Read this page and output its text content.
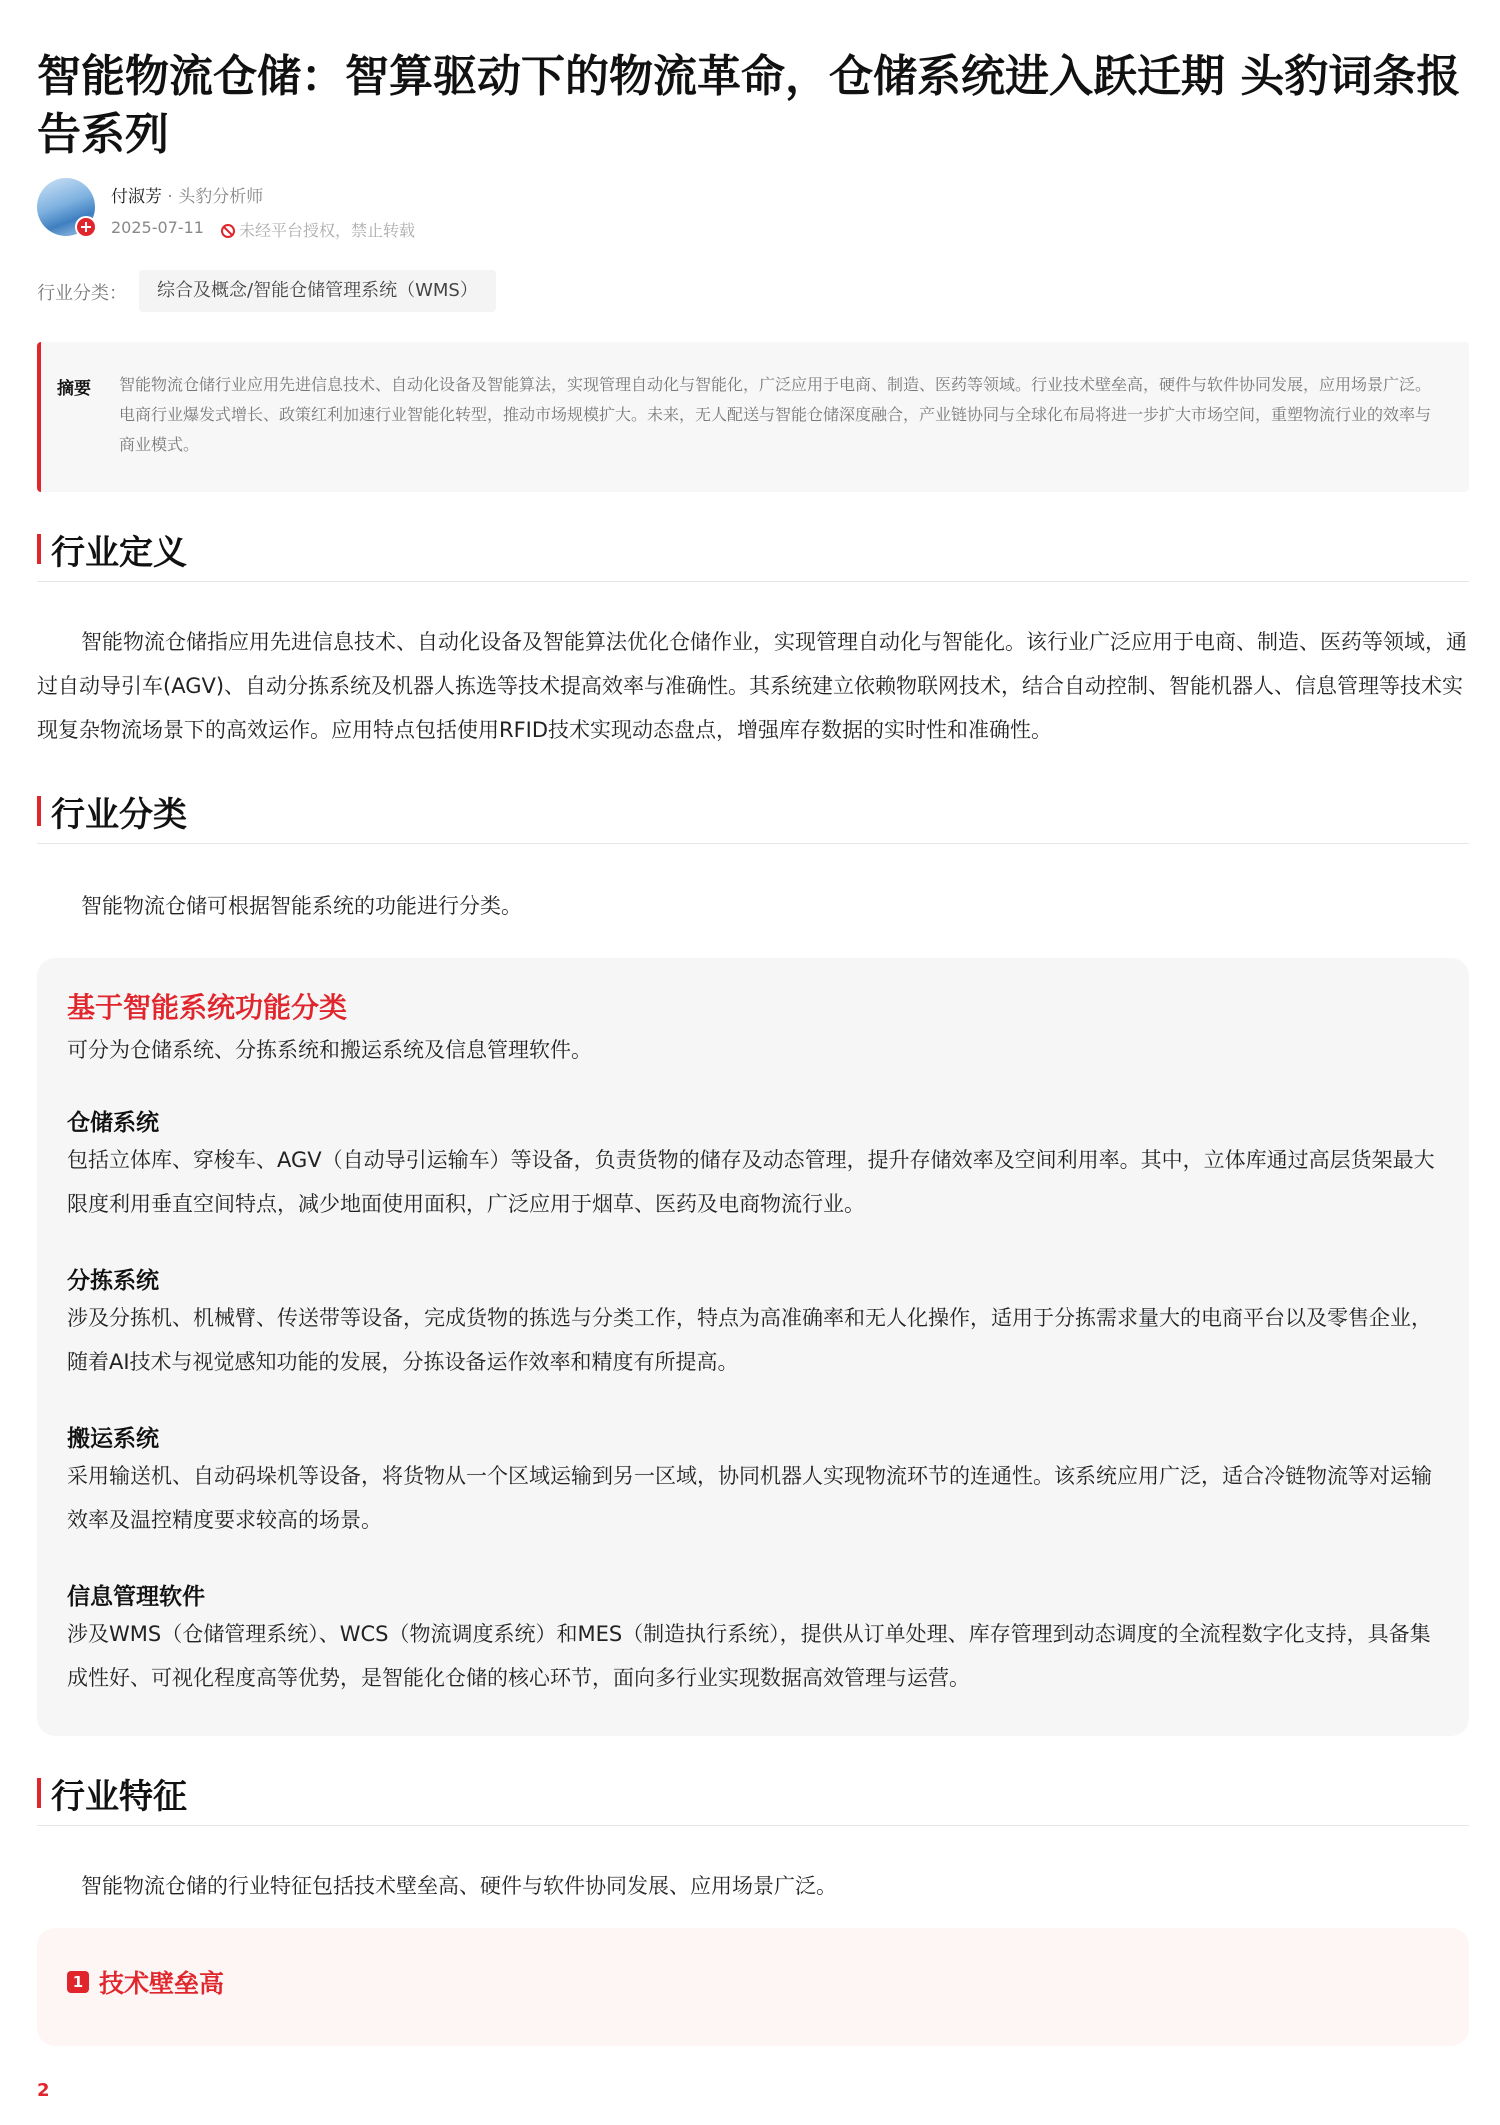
智能物流仓储：智算驱动下的物流革命，仓储系统进入跃迁期 头豹词条报告系列
付淑芳 · 头豹分析师
2025-07-11	未经平台授权，禁止转载
行业分类：	综合及概念/智能仓储管理系统（WMS）
摘要 智能物流仓储行业应用先进信息技术、自动化设备及智能算法，实现管理自动化与智能化，广泛应用于电商、制造、医药等领域。行业技术壁垒高，硬件与软件协同发展，应用场景广泛。电商行业爆发式增长、政策红利加速行业智能化转型，推动市场规模扩大。未来，无人配送与智能仓储深度融合，产业链协同与全球化布局将进一步扩大市场空间，重塑物流行业的效率与商业模式。
行业定义

智能物流仓储指应用先进信息技术、自动化设备及智能算法优化仓储作业，实现管理自动化与智能化。该行业广泛应用于电商、制造、医药等领域，通过自动导引车(AGV)、自动分拣系统及机器人拣选等技术提高效率与准确性。其系统建立依赖物联网技术，结合自动控制、智能机器人、信息管理等技术实现复杂物流场景下的高效运作。应用特点包括使用RFID技术实现动态盘点，增强库存数据的实时性和准确性。

行业分类

智能物流仓储可根据智能系统的功能进行分类。

基于智能系统功能分类
可分为仓储系统、分拣系统和搬运系统及信息管理软件。
仓储系统
包括立体库、穿梭车、AGV（自动导引运输车）等设备，负责货物的储存及动态管理，提升存储效率及空间利用率。其中，立体库通过高层货架最大限度利用垂直空间特点，减少地面使用面积，广泛应用于烟草、医药及电商物流行业。
分拣系统
涉及分拣机、机械臂、传送带等设备，完成货物的拣选与分类工作，特点为高准确率和无人化操作，适用于分拣需求量大的电商平台以及零售企业，随着AI技术与视觉感知功能的发展，分拣设备运作效率和精度有所提高。
搬运系统
采用输送机、自动码垛机等设备，将货物从一个区域运输到另一区域，协同机器人实现物流环节的连通性。该系统应用广泛，适合冷链物流等对运输效率及温控精度要求较高的场景。
信息管理软件
涉及WMS（仓储管理系统）、WCS（物流调度系统）和MES（制造执行系统），提供从订单处理、库存管理到动态调度的全流程数字化支持，具备集成性好、可视化程度高等优势，是智能化仓储的核心环节，面向多行业实现数据高效管理与运营。
行业特征

智能物流仓储的行业特征包括技术壁垒高、硬件与软件协同发展、应用场景广泛。

1 技术壁垒高
2
